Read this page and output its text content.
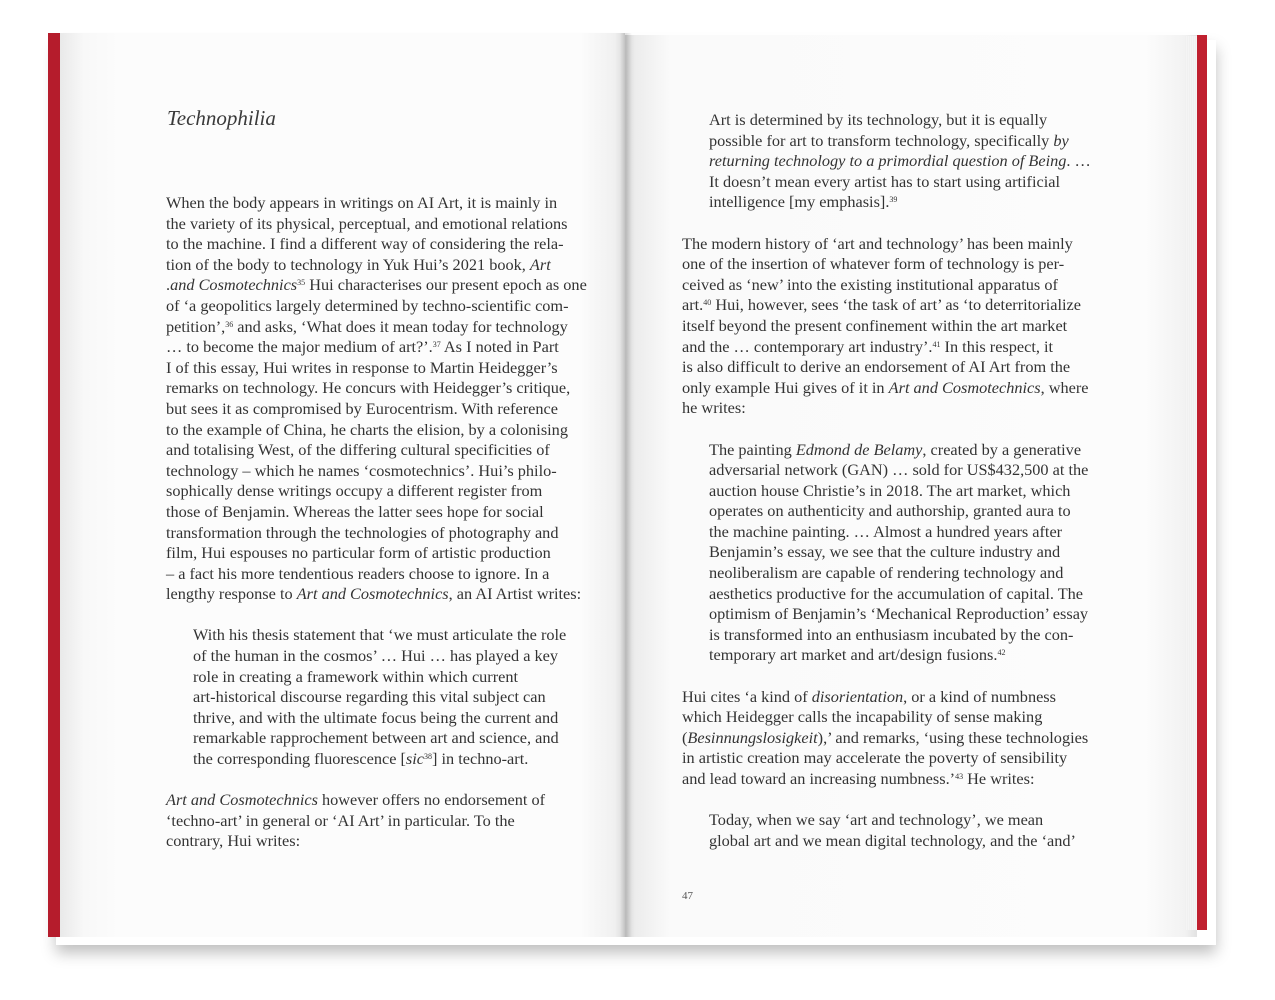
Technophilia
When the body appears in writings on AI Art, it is mainly in
the variety of its physical, perceptual, and emotional relations
to the machine. I find a different way of considering the rela-
tion of the body to technology in Yuk Hui’s 2021 book, Art
.and Cosmotechnics$^{35}$ Hui characterises our present epoch as one
of ‘a geopolitics largely determined by techno-scientific com-
petition’,$^{36}$ and asks, ‘What does it mean today for technology
… to become the major medium of art?’.$^{37}$ As I noted in Part
I of this essay, Hui writes in response to Martin Heidegger’s
remarks on technology. He concurs with Heidegger’s critique,
but sees it as compromised by Eurocentrism. With reference
to the example of China, he charts the elision, by a colonising
and totalising West, of the differing cultural specificities of
technology – which he names ‘cosmotechnics’. Hui’s philo-
sophically dense writings occupy a different register from
those of Benjamin. Whereas the latter sees hope for social
transformation through the technologies of photography and
film, Hui espouses no particular form of artistic production
– a fact his more tendentious readers choose to ignore. In a
lengthy response to Art and Cosmotechnics, an AI Artist writes:
With his thesis statement that ‘we must articulate the role
of the human in the cosmos’ … Hui … has played a key
role in creating a framework within which current
art-historical discourse regarding this vital subject can
thrive, and with the ultimate focus being the current and
remarkable rapprochement between art and science, and
the corresponding fluorescence [sic$^{38}$] in techno-art.
Art and Cosmotechnics however offers no endorsement of
‘techno-art’ in general or ‘AI Art’ in particular. To the
contrary, Hui writes:
Art is determined by its technology, but it is equally
possible for art to transform technology, specifically by
returning technology to a primordial question of Being. …
It doesn’t mean every artist has to start using artificial
intelligence [my emphasis].$^{39}$
The modern history of ‘art and technology’ has been mainly
one of the insertion of whatever form of technology is per-
ceived as ‘new’ into the existing institutional apparatus of
art.$^{40}$ Hui, however, sees ‘the task of art’ as ‘to deterritorialize
itself beyond the present confinement within the art market
and the … contemporary art industry’.$^{41}$ In this respect, it
is also difficult to derive an endorsement of AI Art from the
only example Hui gives of it in Art and Cosmotechnics, where
he writes:
The painting Edmond de Belamy, created by a generative
adversarial network (GAN) … sold for US$432,500 at the
auction house Christie’s in 2018. The art market, which
operates on authenticity and authorship, granted aura to
the machine painting. … Almost a hundred years after
Benjamin’s essay, we see that the culture industry and
neoliberalism are capable of rendering technology and
aesthetics productive for the accumulation of capital. The
optimism of Benjamin’s ‘Mechanical Reproduction’ essay
is transformed into an enthusiasm incubated by the con-
temporary art market and art/design fusions.$^{42}$
Hui cites ‘a kind of disorientation, or a kind of numbness
which Heidegger calls the incapability of sense making
(Besinnungslosigkeit),’ and remarks, ‘using these technologies
in artistic creation may accelerate the poverty of sensibility
and lead toward an increasing numbness.’$^{43}$ He writes:
Today, when we say ‘art and technology’, we mean
global art and we mean digital technology, and the ‘and’
47
